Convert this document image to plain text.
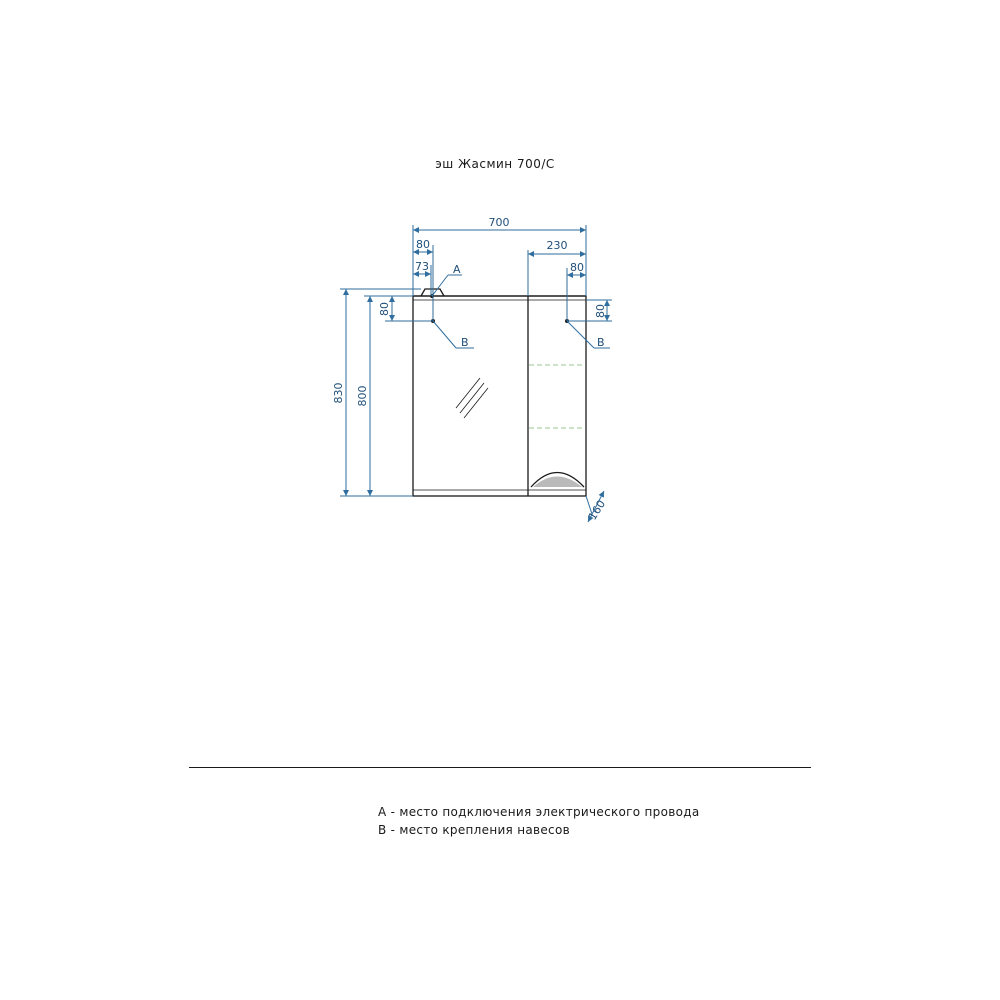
эш Жасмин 700/С
700
80
73 A
230
80
80	80
B	B
830 800
160
A - место подключения электрического провода
B - место крепления навесов
